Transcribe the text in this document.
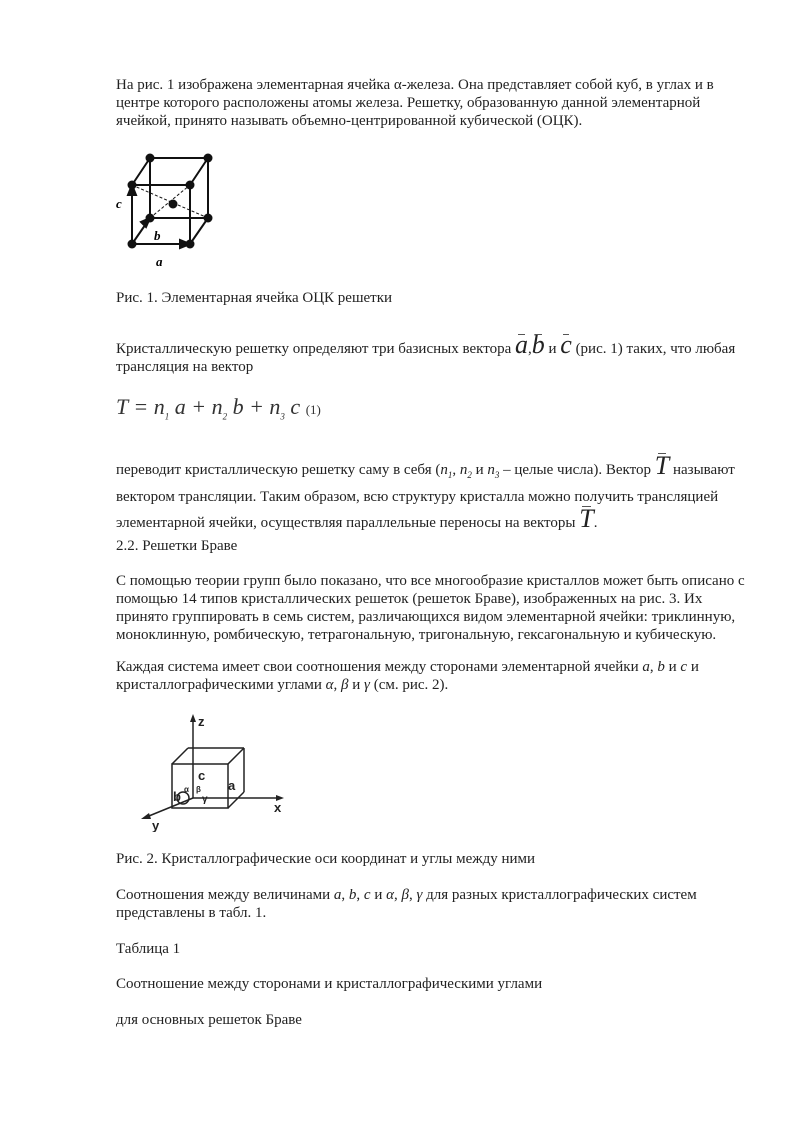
На рис. 1 изображена элементарная ячейка α-железа. Она представляет собой куб, в углах и в центре которого расположены атомы железа. Решетку, образованную данной элементарной ячейкой, принято называть объемно-центрированной кубической (ОЦК).
c
b
a
Рис. 1. Элементарная ячейка ОЦК решетки
Кристаллическую решетку определяют три базисных вектора a,b и c (рис. 1) таких, что любая трансляция на вектор
$T = n_1$ $a + n_2$ $b + n_3$ c (1)
переводит кристаллическую решетку саму в себя ($n_1$, $n_2$ и $n_3$ – целые числа). Вектор T называют вектором трансляции. Таким образом, всю структуру кристалла можно получить трансляцией элементарной ячейки, осуществляя параллельные переносы на векторы T.
2.2. Решетки Браве
С помощью теории групп было показано, что все многообразие кристаллов может быть описано с помощью 14 типов кристаллических решеток (решеток Браве), изображенных на рис. 3. Их принято группировать в семь систем, различающихся видом элементарной ячейки: триклинную, моноклинную, ромбическую, тетрагональную, тригональную, гексагональную и кубическую.
Каждая система имеет свои соотношения между сторонами элементарной ячейки a, b и c и кристаллографическими углами α, β и γ (см. рис. 2).
z
x
y
a
b
c
α β
γ
Рис. 2. Кристаллографические оси координат и углы между ними
Соотношения между величинами a, b, c и α, β, γ для разных кристаллографических систем представлены в табл. 1.
Таблица 1
Соотношение между сторонами и кристаллографическими углами
для основных решеток Браве
